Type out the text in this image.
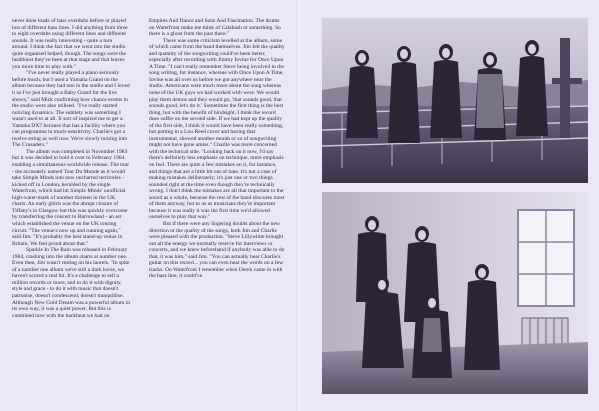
never done loads of bass overdubs before or played lots of different bass lines. I did anything from three to eight overdubs using different lines and different sounds. It was really interesting - quite a turn around. I think the fact that we went into the studio quite organised helped, though. The songs were the healthiest they've been at that stage and that leaves you more time to play with."

"I've never really played a piano seriously before much, but I used a Yamaha Grand on the album because they had one in the studio and I loved it so I've just brought a Baby Grand for the live shows," said Mick confirming how chance events in the studio were also utilised. "I've really started noticing dynamics. The subtlety was something I wasn't used to at all. It sort of inspired me to get a Yamaha DX7 because that has a facility where you can programme in touch-sensitivity. Charlie's got a twelve string as well now. We're slowly turning into The Crusaders."

The album was completed in November 1983 but it was decided to hold it over to February 1984 enabling a simultaneous worldwide release. The tour - the accurately named Tour Du Monde as it would take Simple Minds into new uncharted territories - kicked off in London, heralded by the single Waterfront, which had hit Simple Minds' unofficial high-water-mark of number thirteen in the UK charts. An early glitch was the abrupt closure of Tiffany's in Glasgow but this was quickly overcome by transferring the concert to Barrowland - an act which established the venue on the UK touring circuit. "The venue's now up and running again," said Jim. "It's probably the best stand-up venue in Britain. We feel proud about that."

Sparkle In The Rain was released in February 1984, crashing into the album charts at number one. Even then, Jim wasn't resting on his laurels. "In spite of a number one album we're still a dark horse, we haven't scored a real hit. It's a challenge to sell a million records or more, and to do it with dignity, style and grace - to do it with music that doesn't patronise, doesn't condescend, doesn't tranquillise. Although New Gold Dream was a powerful album in its own way, it was a quiet power. But this is combined now with the backbeat we had on

Empires And Dance and Sons And Fascination. The drums on Waterfront make me think of Calabash or something. So there is a ghost from the past there."

There was some criticism levelled at the album, some of which came from the band themselves. Jim felt the quality and quantity of the songwriting could've been better, especially after recording with Jimmy Iovine for Once Upon A Time. "I can't really remember Steve being involved in the song writing, for instance, whereas with Once Upon A Time, Iovine was all over us before we got anywhere near the studio. Americans were much more about the song whereas none of the UK guys we had worked with were. We would play them demos and they would go, 'that sounds good, that sounds good, let's do it.' Sometimes the first thing is the best thing, but with the benefit of hindsight, I think the record does suffer on the second side. If we had kept up the quality of the first side, I think it would have been really something, but putting in a Lou Reed cover and having that instrumental, showed another month or so of songwriting might not have gone amiss." Charlie was more concerned with the technical side. "Looking back on it now, I'd say there's definitely less emphasis on technique, more emphasis on feel. There are quite a few mistakes on it, for instance, and things that are a little bit out of tune. It's not a case of making mistakes deliberately; it's just one or two things sounded right at the time even though they're technically wrong. I don't think the mistakes are all that important to the sound as a whole, because the rest of the band obscures most of them anyway, but to us as musicians they're important because it was really it was the first time we'd allowed ourselves to play that way."

But if there were any lingering doubts about the new direction or the quality of the songs, both Jim and Charlie were pleased with the production. "Steve Lillywhite brought out all the energy we normally reserve for interviews or concerts, and we knew beforehand if anybody was able to do that, it was him," said Jim. "You can actually hear Charlie's guitar on this record... you can even hear the words on a few tracks. On Waterfront I remember when Derek came in with the bass line, it could've
